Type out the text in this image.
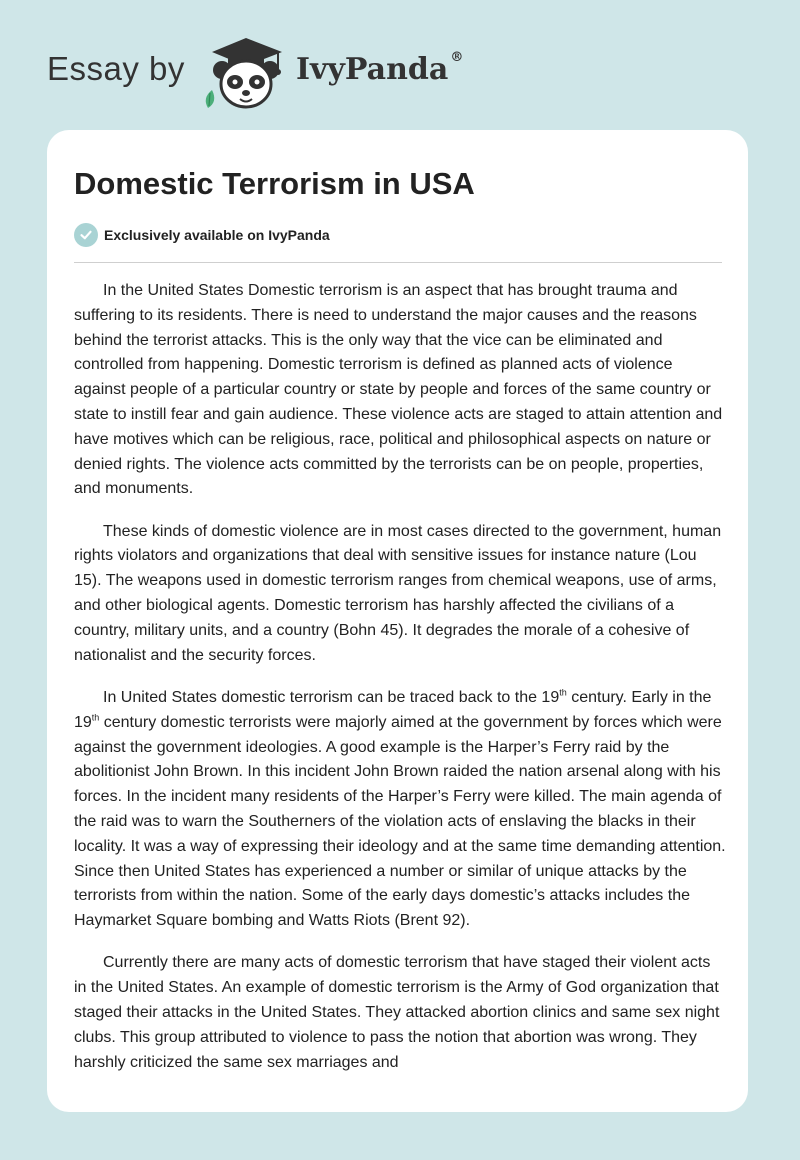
Essay by	IvyPanda ®
Domestic Terrorism in USA
Exclusively available on IvyPanda

In the United States Domestic terrorism is an aspect that has brought trauma and suffering to its residents. There is need to understand the major causes and the reasons behind the terrorist attacks. This is the only way that the vice can be eliminated and controlled from happening. Domestic terrorism is defined as planned acts of violence against people of a particular country or state by people and forces of the same country or state to instill fear and gain audience. These violence acts are staged to attain attention and have motives which can be religious, race, political and philosophical aspects on nature or denied rights. The violence acts committed by the terrorists can be on people, properties, and monuments.

These kinds of domestic violence are in most cases directed to the government, human rights violators and organizations that deal with sensitive issues for instance nature (Lou 15). The weapons used in domestic terrorism ranges from chemical weapons, use of arms, and other biological agents. Domestic terrorism has harshly affected the civilians of a country, military units, and a country (Bohn 45). It degrades the morale of a cohesive of nationalist and the security forces.

In United States domestic terrorism can be traced back to the 19th century. Early in the 19th century domestic terrorists were majorly aimed at the government by forces which were against the government ideologies. A good example is the Harper’s Ferry raid by the abolitionist John Brown. In this incident John Brown raided the nation arsenal along with his forces. In the incident many residents of the Harper’s Ferry were killed. The main agenda of the raid was to warn the Southerners of the violation acts of enslaving the blacks in their locality. It was a way of expressing their ideology and at the same time demanding attention. Since then United States has experienced a number or similar of unique attacks by the terrorists from within the nation. Some of the early days domestic’s attacks includes the Haymarket Square bombing and Watts Riots (Brent 92).

Currently there are many acts of domestic terrorism that have staged their violent acts in the United States. An example of domestic terrorism is the Army of God organization that staged their attacks in the United States. They attacked abortion clinics and same sex night clubs. This group attributed to violence to pass the notion that abortion was wrong. They harshly criticized the same sex marriages and
